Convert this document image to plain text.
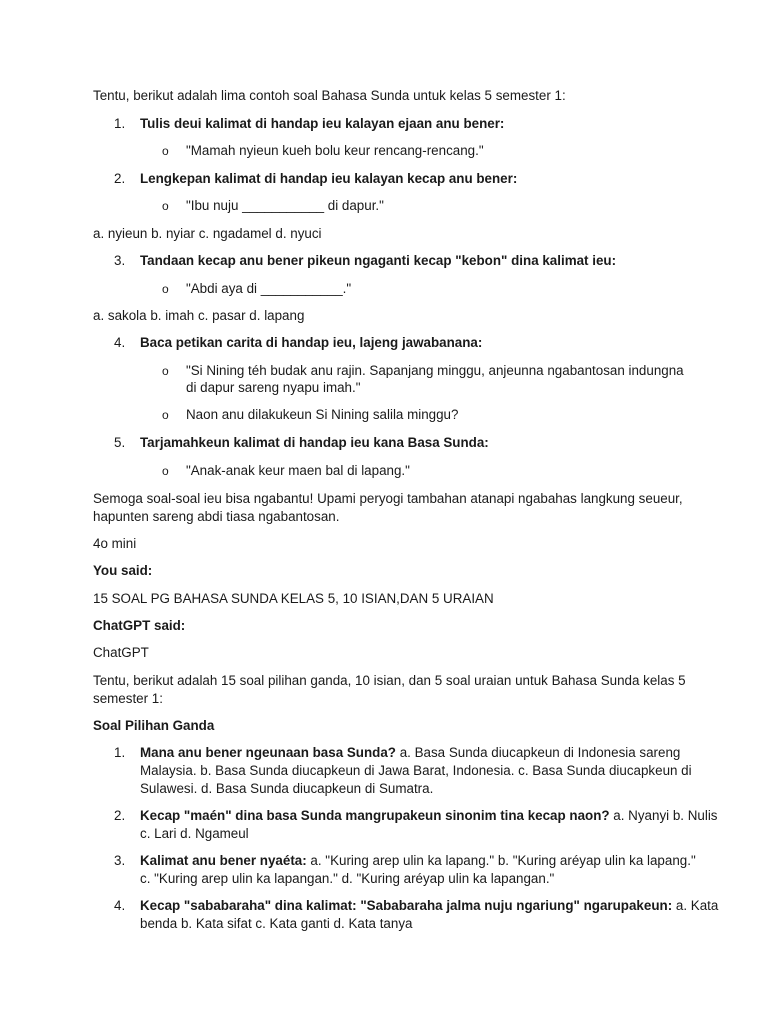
Tentu, berikut adalah lima contoh soal Bahasa Sunda untuk kelas 5 semester 1:
1. Tulis deui kalimat di handap ieu kalayan ejaan anu bener:
o "Mamah nyieun kueh bolu keur rencang-rencang."
2. Lengkepan kalimat di handap ieu kalayan kecap anu bener:
o "Ibu nuju ___________ di dapur."
a. nyieun b. nyiar c. ngadamel d. nyuci
3. Tandaan kecap anu bener pikeun ngaganti kecap "kebon" dina kalimat ieu:
o "Abdi aya di ___________."
a. sakola b. imah c. pasar d. lapang
4. Baca petikan carita di handap ieu, lajeng jawabanana:
o "Si Nining téh budak anu rajin. Sapanjang minggu, anjeunna ngabantosan indungna
di dapur sareng nyapu imah."
o Naon anu dilakukeun Si Nining salila minggu?
5. Tarjamahkeun kalimat di handap ieu kana Basa Sunda:
o "Anak-anak keur maen bal di lapang."
Semoga soal-soal ieu bisa ngabantu! Upami peryogi tambahan atanapi ngabahas langkung seueur,
hapunten sareng abdi tiasa ngabantosan.
4o mini
You said:
15 SOAL PG BAHASA SUNDA KELAS 5, 10 ISIAN,DAN 5 URAIAN
ChatGPT said:
ChatGPT
Tentu, berikut adalah 15 soal pilihan ganda, 10 isian, dan 5 soal uraian untuk Bahasa Sunda kelas 5
semester 1:
Soal Pilihan Ganda
1. Mana anu bener ngeunaan basa Sunda? a. Basa Sunda diucapkeun di Indonesia sareng
Malaysia. b. Basa Sunda diucapkeun di Jawa Barat, Indonesia. c. Basa Sunda diucapkeun di
Sulawesi. d. Basa Sunda diucapkeun di Sumatra.
2. Kecap "maén" dina basa Sunda mangrupakeun sinonim tina kecap naon? a. Nyanyi b. Nulis
c. Lari d. Ngameul
3. Kalimat anu bener nyaéta: a. "Kuring arep ulin ka lapang." b. "Kuring aréyap ulin ka lapang."
c. "Kuring arep ulin ka lapangan." d. "Kuring aréyap ulin ka lapangan."
4. Kecap "sababaraha" dina kalimat: "Sababaraha jalma nuju ngariung" ngarupakeun: a. Kata
benda b. Kata sifat c. Kata ganti d. Kata tanya
